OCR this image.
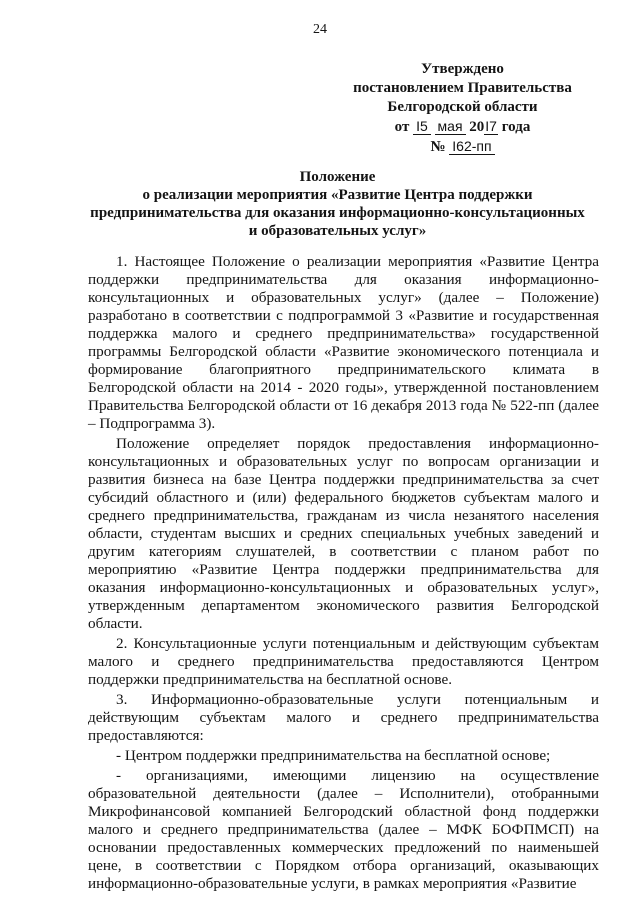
24
Утверждено
постановлением Правительства
Белгородской области
от I5 мая 20I7 года
№ I62-пп
Положение
о реализации мероприятия «Развитие Центра поддержки
предпринимательства для оказания информационно-консультационных
и образовательных услуг»

1. Настоящее Положение о реализации мероприятия «Развитие Центра поддержки предпринимательства для оказания информационно-консультационных и образовательных услуг» (далее – Положение) разработано в соответствии с подпрограммой 3 «Развитие и государственная поддержка малого и среднего предпринимательства» государственной программы Белгородской области «Развитие экономического потенциала и формирование благоприятного предпринимательского климата в Белгородской области на 2014 - 2020 годы», утвержденной постановлением Правительства Белгородской области от 16 декабря 2013 года № 522-пп (далее – Подпрограмма 3).

Положение определяет порядок предоставления информационно-консультационных и образовательных услуг по вопросам организации и развития бизнеса на базе Центра поддержки предпринимательства за счет субсидий областного и (или) федерального бюджетов субъектам малого и среднего предпринимательства, гражданам из числа незанятого населения области, студентам высших и средних специальных учебных заведений и другим категориям слушателей, в соответствии с планом работ по мероприятию «Развитие Центра поддержки предпринимательства для оказания информационно-консультационных и образовательных услуг», утвержденным департаментом экономического развития Белгородской области.

2. Консультационные услуги потенциальным и действующим субъектам малого и среднего предпринимательства предоставляются Центром поддержки предпринимательства на бесплатной основе.

3. Информационно-образовательные услуги потенциальным и действующим субъектам малого и среднего предпринимательства предоставляются:

- Центром поддержки предпринимательства на бесплатной основе;

- организациями, имеющими лицензию на осуществление образовательной деятельности (далее – Исполнители), отобранными Микрофинансовой компанией Белгородский областной фонд поддержки малого и среднего предпринимательства (далее – МФК БОФПМСП) на основании предоставленных коммерческих предложений по наименьшей цене, в соответствии с Порядком отбора организаций, оказывающих информационно-образовательные услуги, в рамках мероприятия «Развитие
